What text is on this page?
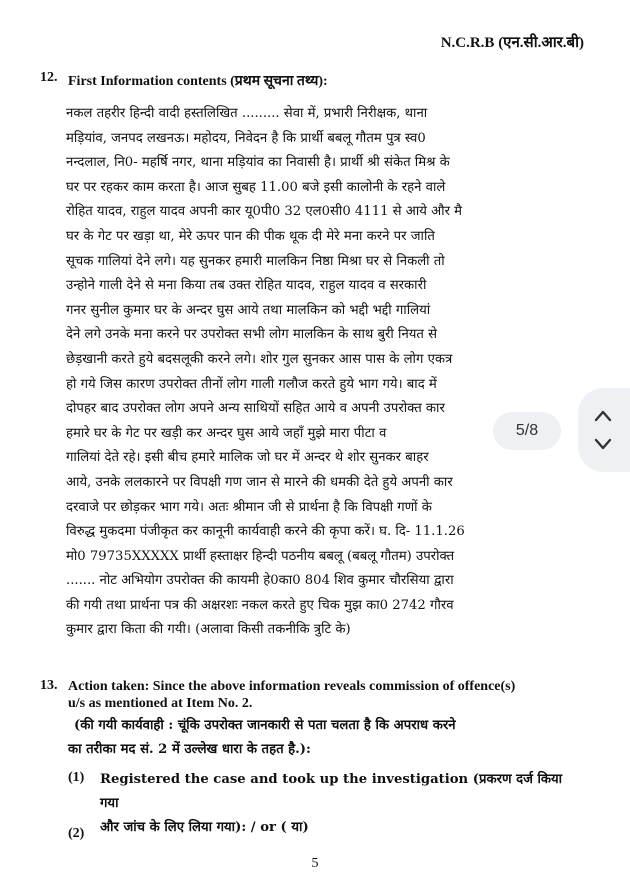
N.C.R.B (एन.सी.आर.बी)
12. First Information contents (प्रथम सूचना तथ्य):
नकल तहरीर हिन्दी वादी हस्तलिखित ......... सेवा में, प्रभारी निरीक्षक, थाना
मड़ियांव, जनपद लखनऊ। महोदय, निवेदन है कि प्रार्थी बबलू गौतम पुत्र स्व0
नन्दलाल, नि0- महर्षि नगर, थाना मड़ियांव का निवासी है। प्रार्थी श्री संकेत मिश्र के
घर पर रहकर काम करता है। आज सुबह 11.00 बजे इसी कालोनी के रहने वाले
रोहित यादव, राहुल यादव अपनी कार यू0पी0 32 एल0सी0 4111 से आये और मै
घर के गेट पर खड़ा था, मेरे ऊपर पान की पीक थूक दी मेरे मना करने पर जाति
सूचक गालियां देने लगे। यह सुनकर हमारी मालकिन निष्ठा मिश्रा घर से निकली तो
उन्होने गाली देने से मना किया तब उक्त रोहित यादव, राहुल यादव व सरकारी
गनर सुनील कुमार घर के अन्दर घुस आये तथा मालकिन को भद्दी भद्दी गालियां
देने लगे उनके मना करने पर उपरोक्त सभी लोग मालकिन के साथ बुरी नियत से
छेड़खानी करते हुये बदसलूकी करने लगे। शोर गुल सुनकर आस पास के लोग एकत्र
हो गये जिस कारण उपरोक्त तीनों लोग गाली गलौज करते हुये भाग गये। बाद में
दोपहर बाद उपरोक्त लोग अपने अन्य साथियों सहित आये व अपनी उपरोक्त कार
हमारे घर के गेट पर खड़ी कर अन्दर घुस आये जहाँ मुझे मारा पीटा व
गालियां देते रहे। इसी बीच हमारे मालिक जो घर में अन्दर थे शोर सुनकर बाहर
आये, उनके ललकारने पर विपक्षी गण जान से मारने की धमकी देते हुये अपनी कार
दरवाजे पर छोड़कर भाग गये। अतः श्रीमान जी से प्रार्थना है कि विपक्षी गणों के
विरुद्ध मुकदमा पंजीकृत कर कानूनी कार्यवाही करने की कृपा करें। घ. दि- 11.1.26
मो0 79735XXXXX प्रार्थी हस्ताक्षर हिन्दी पठनीय बबलू (बबलू गौतम) उपरोक्त
....... नोट अभियोग उपरोक्त की कायमी हे0का0 804 शिव कुमार चौरसिया द्वारा
की गयी तथा प्रार्थना पत्र की अक्षरशः नकल करते हुए चिक मुझ का0 2742 गौरव
कुमार द्वारा किता की गयी। (अलावा किसी तकनीकि त्रुटि के)
13. Action taken: Since the above information reveals commission of offence(s)
u/s as mentioned at Item No. 2.
(की गयी कार्यवाही : चूंकि उपरोक्त जानकारी से पता चलता है कि अपराध करने
का तरीका मद सं. 2 में उल्लेख धारा के तहत है.):
(1) Registered the case and took up the investigation (प्रकरण दर्ज किया गया
और जांच के लिए लिया गया): / or ( या)
(2)
5
5/8
